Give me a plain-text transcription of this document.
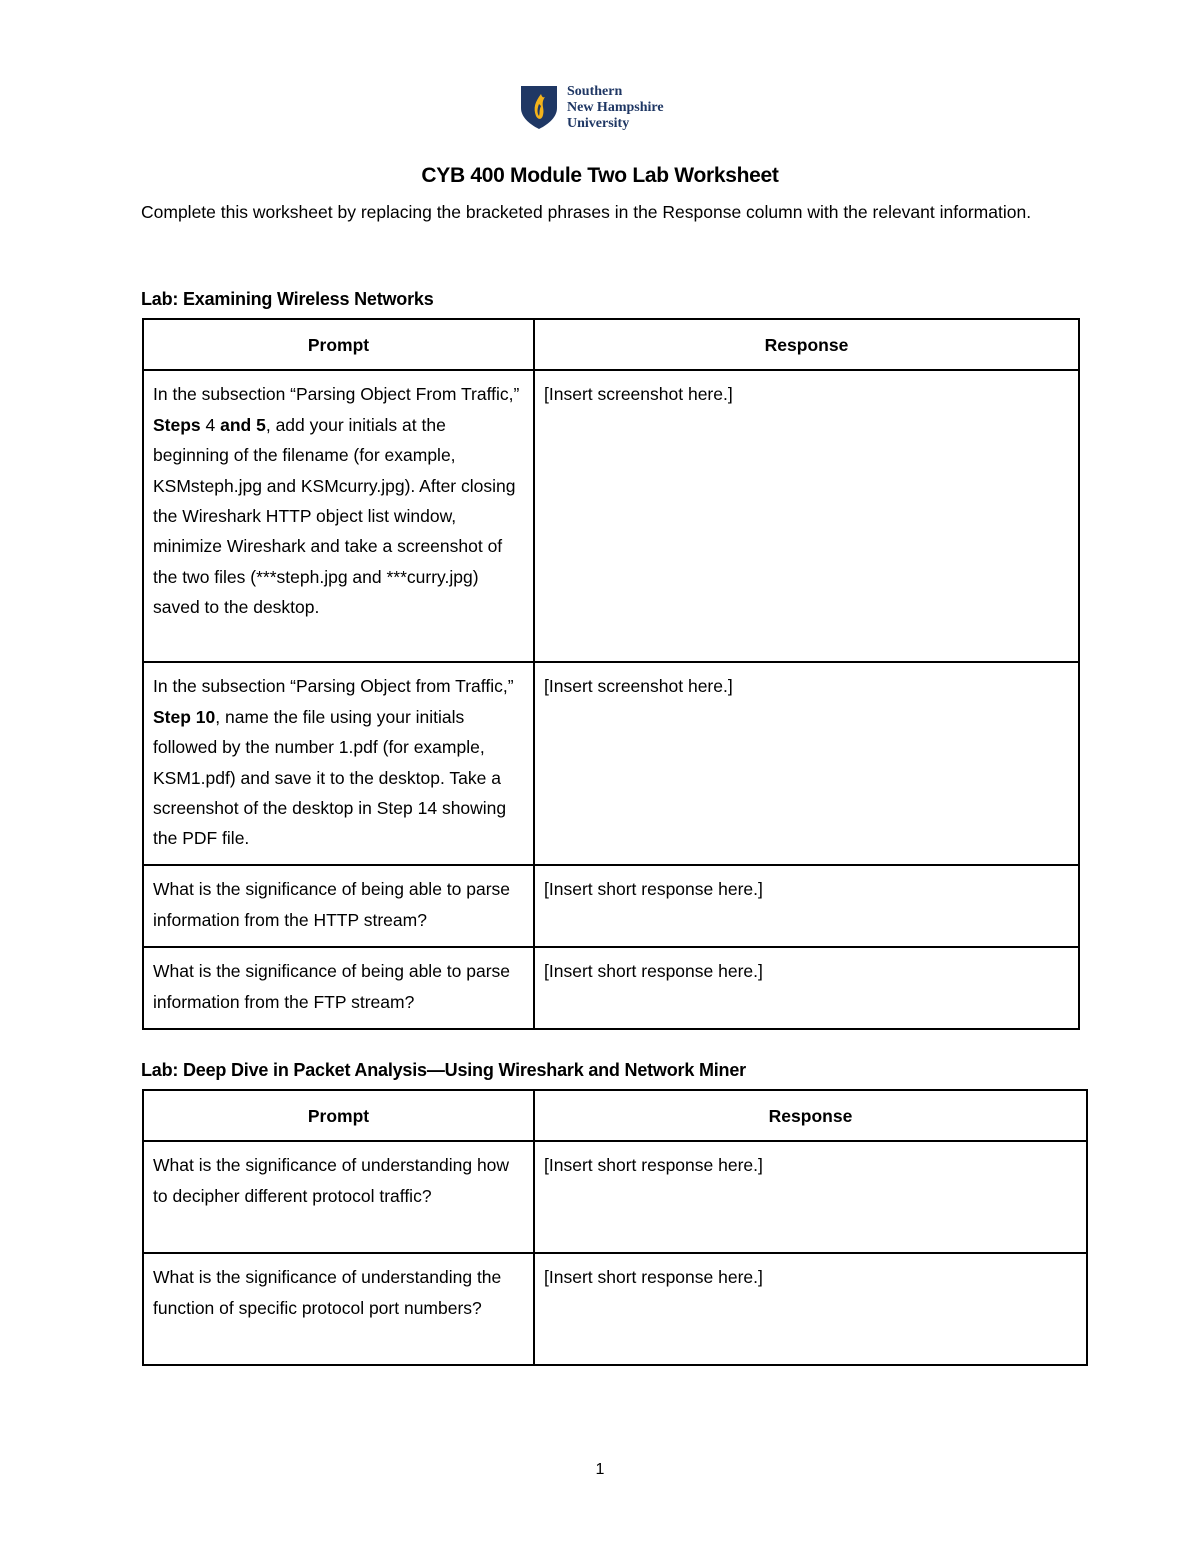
Southern
New Hampshire
University
CYB 400 Module Two Lab Worksheet
Complete this worksheet by replacing the bracketed phrases in the Response column with the relevant information.
Lab: Examining Wireless Networks
Prompt	Response
In the subsection “Parsing Object From Traffic,” Steps 4 and 5, add your initials at the beginning of the filename (for example, KSMsteph.jpg and KSMcurry.jpg). After closing the Wireshark HTTP object list window, minimize Wireshark and take a screenshot of the two files (***steph.jpg and ***curry.jpg) saved to the desktop.	[Insert screenshot here.]
In the subsection “Parsing Object from Traffic,” Step 10, name the file using your initials followed by the number 1.pdf (for example, KSM1.pdf) and save it to the desktop. Take a screenshot of the desktop in Step 14 showing the PDF file.	[Insert screenshot here.]
What is the significance of being able to parse information from the HTTP stream?	[Insert short response here.]
What is the significance of being able to parse information from the FTP stream?	[Insert short response here.]
Lab: Deep Dive in Packet Analysis—Using Wireshark and Network Miner
Prompt	Response
What is the significance of understanding how to decipher different protocol traffic?	[Insert short response here.]
What is the significance of understanding the function of specific protocol port numbers?	[Insert short response here.]
1
